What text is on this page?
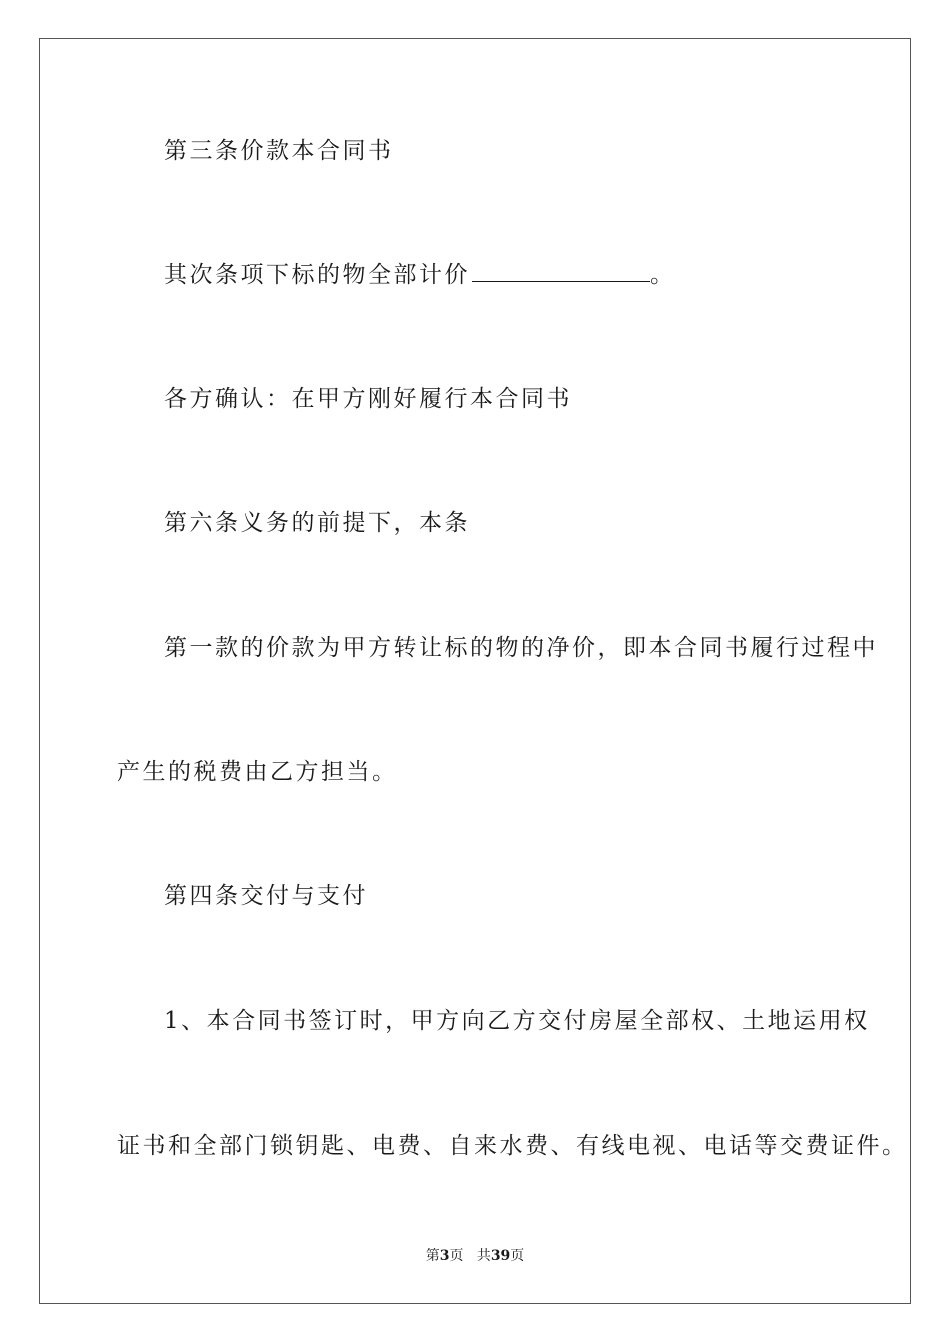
第三条价款本合同书
其次条项下标的物全部计价	。
各方确认：在甲方刚好履行本合同书
第六条义务的前提下，本条
第一款的价款为甲方转让标的物的净价，即本合同书履行过程中
产生的税费由乙方担当。
第四条交付与支付
1、本合同书签订时，甲方向乙方交付房屋全部权、土地运用权
证书和全部门锁钥匙、电费、自来水费、有线电视、电话等交费证件。
第3页 共39页
